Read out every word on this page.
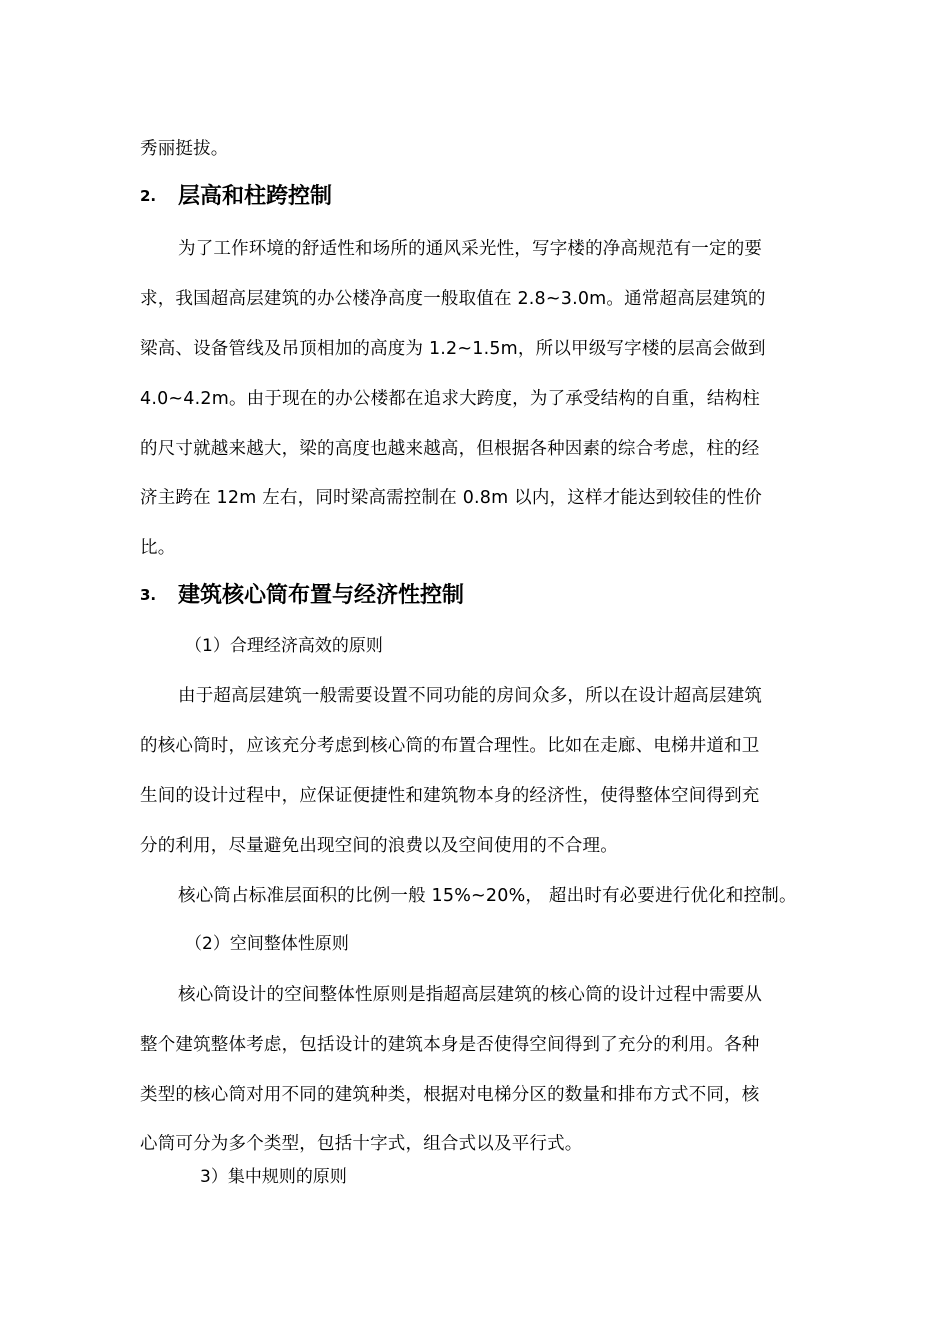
秀丽挺拔。
2. 层高和柱跨控制
为了工作环境的舒适性和场所的通风采光性，写字楼的净高规范有一定的要
求，我国超高层建筑的办公楼净高度一般取值在 2.8~3.0m。通常超高层建筑的
梁高、设备管线及吊顶相加的高度为 1.2~1.5m，所以甲级写字楼的层高会做到
4.0~4.2m。由于现在的办公楼都在追求大跨度，为了承受结构的自重，结构柱
的尺寸就越来越大，梁的高度也越来越高，但根据各种因素的综合考虑，柱的经
济主跨在 12m 左右，同时梁高需控制在 0.8m 以内，这样才能达到较佳的性价
比。
3. 建筑核心筒布置与经济性控制
（1）合理经济高效的原则
由于超高层建筑一般需要设置不同功能的房间众多，所以在设计超高层建筑
的核心筒时，应该充分考虑到核心筒的布置合理性。比如在走廊、电梯井道和卫
生间的设计过程中，应保证便捷性和建筑物本身的经济性，使得整体空间得到充
分的利用，尽量避免出现空间的浪费以及空间使用的不合理。
核心筒占标准层面积的比例一般 15%~20%， 超出时有必要进行优化和控制。
（2）空间整体性原则
核心筒设计的空间整体性原则是指超高层建筑的核心筒的设计过程中需要从
整个建筑整体考虑，包括设计的建筑本身是否使得空间得到了充分的利用。各种
类型的核心筒对用不同的建筑种类，根据对电梯分区的数量和排布方式不同，核
心筒可分为多个类型，包括十字式，组合式以及平行式。
3）集中规则的原则
